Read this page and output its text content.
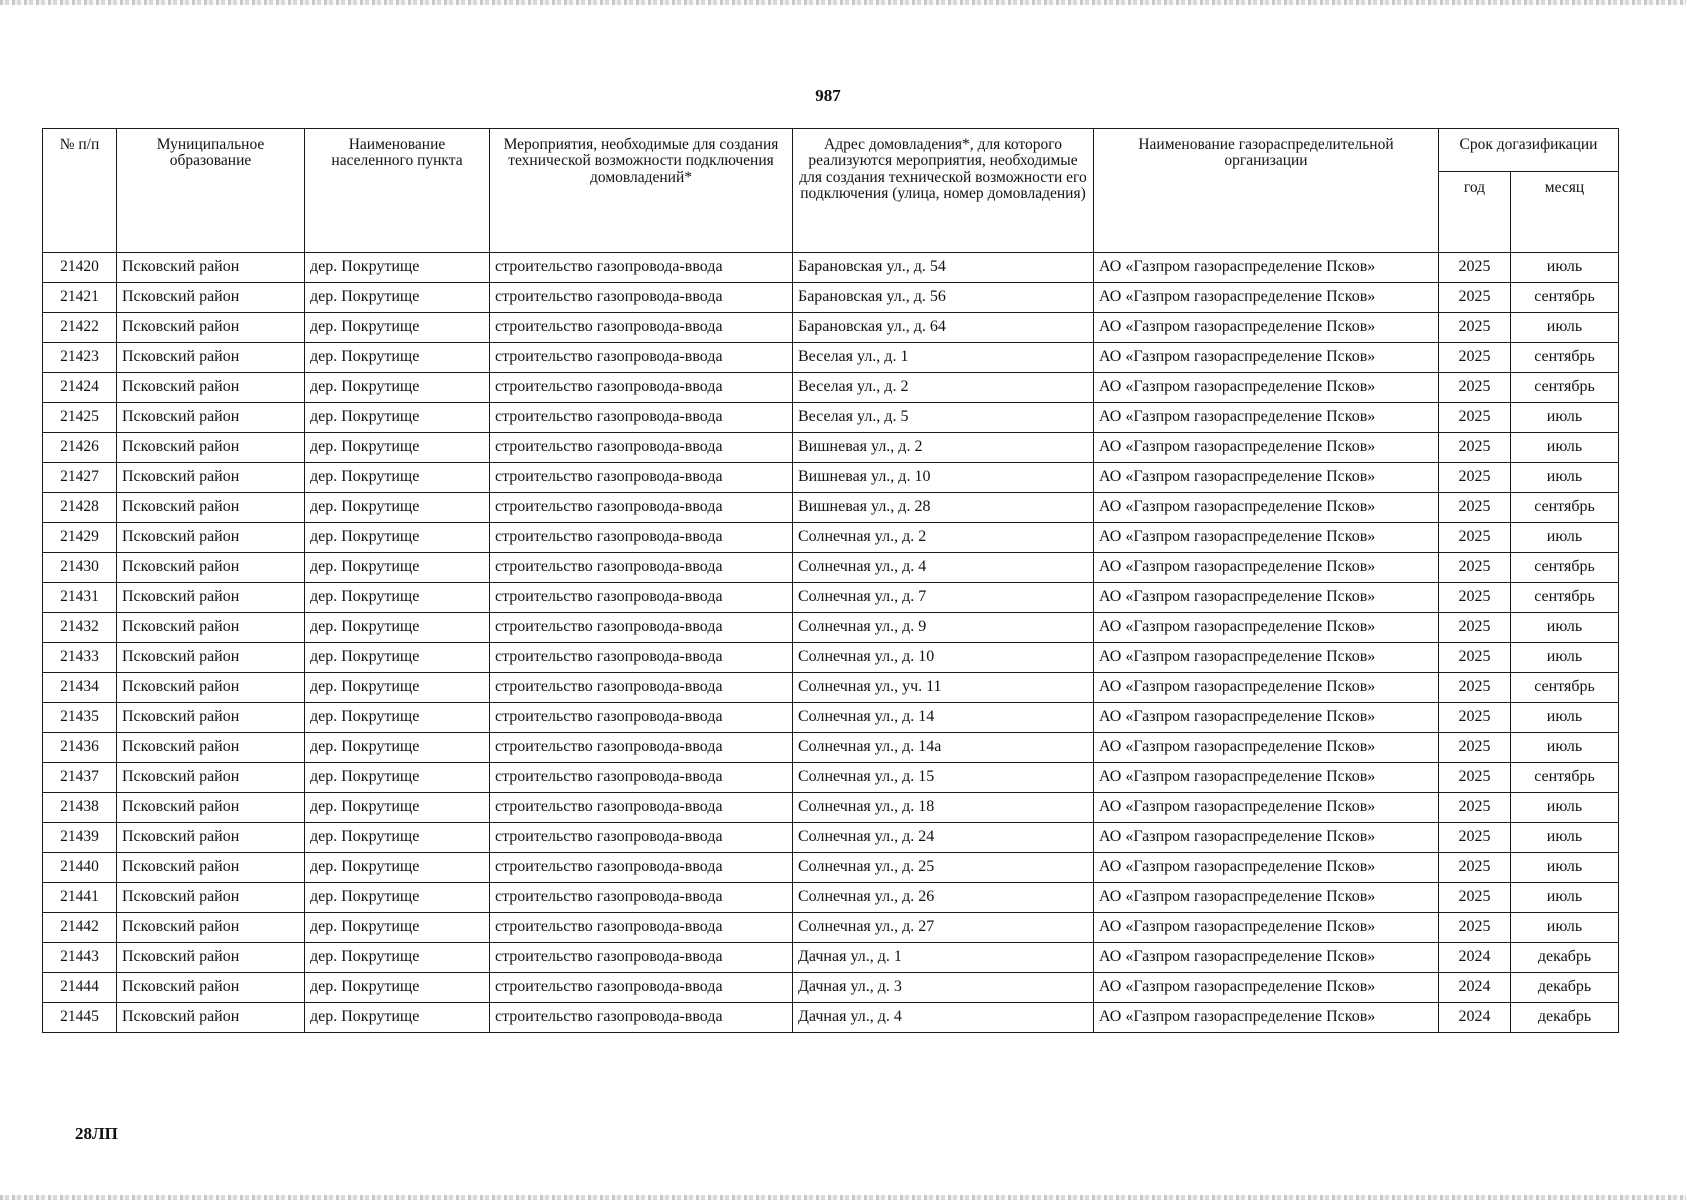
987
№ п/п	Муниципальное образование	Наименование населенного пункта	Мероприятия, необходимые для создания технической возможности подключения домовладений*	Адрес домовладения*, для которого реализуются мероприятия, необходимые для создания технической возможности его подключения (улица, номер домовладения)	Наименование газораспределительной организации	Срок догазификации	
						год	месяц
21420	Псковский район	дер. Покрутище	строительство газопровода-ввода	Барановская ул., д. 54	АО «Газпром газораспределение Псков»	2025	июль
21421	Псковский район	дер. Покрутище	строительство газопровода-ввода	Барановская ул., д. 56	АО «Газпром газораспределение Псков»	2025	сентябрь
21422	Псковский район	дер. Покрутище	строительство газопровода-ввода	Барановская ул., д. 64	АО «Газпром газораспределение Псков»	2025	июль
21423	Псковский район	дер. Покрутище	строительство газопровода-ввода	Веселая ул., д. 1	АО «Газпром газораспределение Псков»	2025	сентябрь
21424	Псковский район	дер. Покрутище	строительство газопровода-ввода	Веселая ул., д. 2	АО «Газпром газораспределение Псков»	2025	сентябрь
21425	Псковский район	дер. Покрутище	строительство газопровода-ввода	Веселая ул., д. 5	АО «Газпром газораспределение Псков»	2025	июль
21426	Псковский район	дер. Покрутище	строительство газопровода-ввода	Вишневая ул., д. 2	АО «Газпром газораспределение Псков»	2025	июль
21427	Псковский район	дер. Покрутище	строительство газопровода-ввода	Вишневая ул., д. 10	АО «Газпром газораспределение Псков»	2025	июль
21428	Псковский район	дер. Покрутище	строительство газопровода-ввода	Вишневая ул., д. 28	АО «Газпром газораспределение Псков»	2025	сентябрь
21429	Псковский район	дер. Покрутище	строительство газопровода-ввода	Солнечная ул., д. 2	АО «Газпром газораспределение Псков»	2025	июль
21430	Псковский район	дер. Покрутище	строительство газопровода-ввода	Солнечная ул., д. 4	АО «Газпром газораспределение Псков»	2025	сентябрь
21431	Псковский район	дер. Покрутище	строительство газопровода-ввода	Солнечная ул., д. 7	АО «Газпром газораспределение Псков»	2025	сентябрь
21432	Псковский район	дер. Покрутище	строительство газопровода-ввода	Солнечная ул., д. 9	АО «Газпром газораспределение Псков»	2025	июль
21433	Псковский район	дер. Покрутище	строительство газопровода-ввода	Солнечная ул., д. 10	АО «Газпром газораспределение Псков»	2025	июль
21434	Псковский район	дер. Покрутище	строительство газопровода-ввода	Солнечная ул., уч. 11	АО «Газпром газораспределение Псков»	2025	сентябрь
21435	Псковский район	дер. Покрутище	строительство газопровода-ввода	Солнечная ул., д. 14	АО «Газпром газораспределение Псков»	2025	июль
21436	Псковский район	дер. Покрутище	строительство газопровода-ввода	Солнечная ул., д. 14а	АО «Газпром газораспределение Псков»	2025	июль
21437	Псковский район	дер. Покрутище	строительство газопровода-ввода	Солнечная ул., д. 15	АО «Газпром газораспределение Псков»	2025	сентябрь
21438	Псковский район	дер. Покрутище	строительство газопровода-ввода	Солнечная ул., д. 18	АО «Газпром газораспределение Псков»	2025	июль
21439	Псковский район	дер. Покрутище	строительство газопровода-ввода	Солнечная ул., д. 24	АО «Газпром газораспределение Псков»	2025	июль
21440	Псковский район	дер. Покрутище	строительство газопровода-ввода	Солнечная ул., д. 25	АО «Газпром газораспределение Псков»	2025	июль
21441	Псковский район	дер. Покрутище	строительство газопровода-ввода	Солнечная ул., д. 26	АО «Газпром газораспределение Псков»	2025	июль
21442	Псковский район	дер. Покрутище	строительство газопровода-ввода	Солнечная ул., д. 27	АО «Газпром газораспределение Псков»	2025	июль
21443	Псковский район	дер. Покрутище	строительство газопровода-ввода	Дачная ул., д. 1	АО «Газпром газораспределение Псков»	2024	декабрь
21444	Псковский район	дер. Покрутище	строительство газопровода-ввода	Дачная ул., д. 3	АО «Газпром газораспределение Псков»	2024	декабрь
21445	Псковский район	дер. Покрутище	строительство газопровода-ввода	Дачная ул., д. 4	АО «Газпром газораспределение Псков»	2024	декабрь
28ЛП
